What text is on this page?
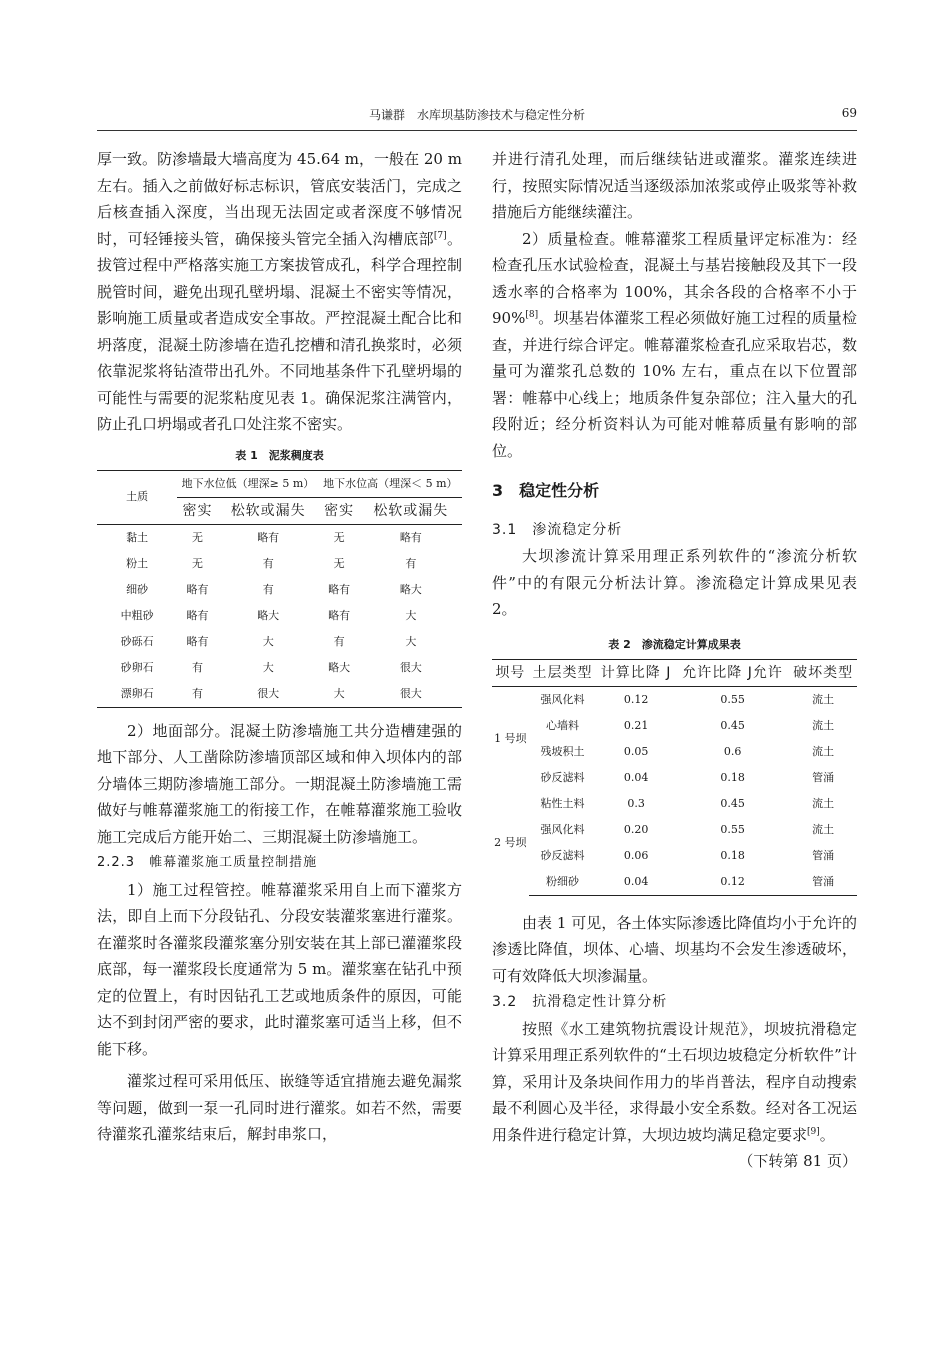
马谦群　水库坝基防渗技术与稳定性分析	69

厚一致。防渗墙最大墙高度为 45.64 m，一般在 20 m 左右。插入之前做好标志标识，管底安装活门，完成之后核查插入深度，当出现无法固定或者深度不够情况时，可轻锤接头管，确保接头管完全插入沟槽底部[7]。拔管过程中严格落实施工方案拔管成孔，科学合理控制脱管时间，避免出现孔壁坍塌、混凝土不密实等情况，影响施工质量或者造成安全事故。严控混凝土配合比和坍落度，混凝土防渗墙在造孔挖槽和清孔换浆时，必须依靠泥浆将钻渣带出孔外。不同地基条件下孔壁坍塌的可能性与需要的泥浆粘度见表 1。确保泥浆注满管内，防止孔口坍塌或者孔口处注浆不密实。

表 1　泥浆稠度表
土质	地下水位低（埋深≥ 5 m）		地下水位高（埋深＜ 5 m）	
	密实	松软或漏失	密实	松软或漏失
黏土	无	略有	无	略有
粉土	无	有	无	有
细砂	略有	有	略有	略大
中粗砂	略有	略大	略有	大
砂砾石	略有	大	有	大
砂卵石	有	大	略大	很大
漂卵石	有	很大	大	很大

2）地面部分。混凝土防渗墙施工共分造槽建强的地下部分、人工凿除防渗墙顶部区域和伸入坝体内的部分墙体三期防渗墙施工部分。一期混凝土防渗墙施工需做好与帷幕灌浆施工的衔接工作，在帷幕灌浆施工验收施工完成后方能开始二、三期混凝土防渗墙施工。

2.2.3　帷幕灌浆施工质量控制措施

1）施工过程管控。帷幕灌浆采用自上而下灌浆方法，即自上而下分段钻孔、分段安装灌浆塞进行灌浆。在灌浆时各灌浆段灌浆塞分别安装在其上部已灌灌浆段底部，每一灌浆段长度通常为 5 m。灌浆塞在钻孔中预定的位置上，有时因钻孔工艺或地质条件的原因，可能达不到封闭严密的要求，此时灌浆塞可适当上移，但不能下移。

灌浆过程可采用低压、嵌缝等适宜措施去避免漏浆等问题，做到一泵一孔同时进行灌浆。如若不然，需要待灌浆孔灌浆结束后，解封串浆口，

并进行清孔处理，而后继续钻进或灌浆。灌浆连续进行，按照实际情况适当逐级添加浓浆或停止吸浆等补救措施后方能继续灌注。

2）质量检查。帷幕灌浆工程质量评定标准为：经检查孔压水试验检查，混凝土与基岩接触段及其下一段透水率的合格率为 100%，其余各段的合格率不小于 90%[8]。坝基岩体灌浆工程必须做好施工过程的质量检查，并进行综合评定。帷幕灌浆检查孔应采取岩芯，数量可为灌浆孔总数的 10% 左右，重点在以下位置部署：帷幕中心线上；地质条件复杂部位；注入量大的孔段附近；经分析资料认为可能对帷幕质量有影响的部位。

3　稳定性分析

3.1　渗流稳定分析

大坝渗流计算采用理正系列软件的“渗流分析软件”中的有限元分析法计算。渗流稳定计算成果见表 2。

表 2　渗流稳定计算成果表
坝号	土层类型	计算比降 J	允许比降 J允许	破坏类型
1 号坝	强风化料	0.12	0.55	流土
	心墙料	0.21	0.45	流土
	残坡积土	0.05	0.6	流土
	砂反滤料	0.04	0.18	管涌
2 号坝	粘性土料	0.3	0.45	流土
	强风化料	0.20	0.55	流土
	砂反滤料	0.06	0.18	管涌
	粉细砂	0.04	0.12	管涌

由表 1 可见，各土体实际渗透比降值均小于允许的渗透比降值，坝体、心墙、坝基均不会发生渗透破坏，可有效降低大坝渗漏量。

3.2　抗滑稳定性计算分析

按照《水工建筑物抗震设计规范》，坝坡抗滑稳定计算采用理正系列软件的“土石坝边坡稳定分析软件”计算，采用计及条块间作用力的毕肖普法，程序自动搜索最不利圆心及半径，求得最小安全系数。经对各工况运用条件进行稳定计算，大坝边坡均满足稳定要求[9]。

（下转第 81 页）
